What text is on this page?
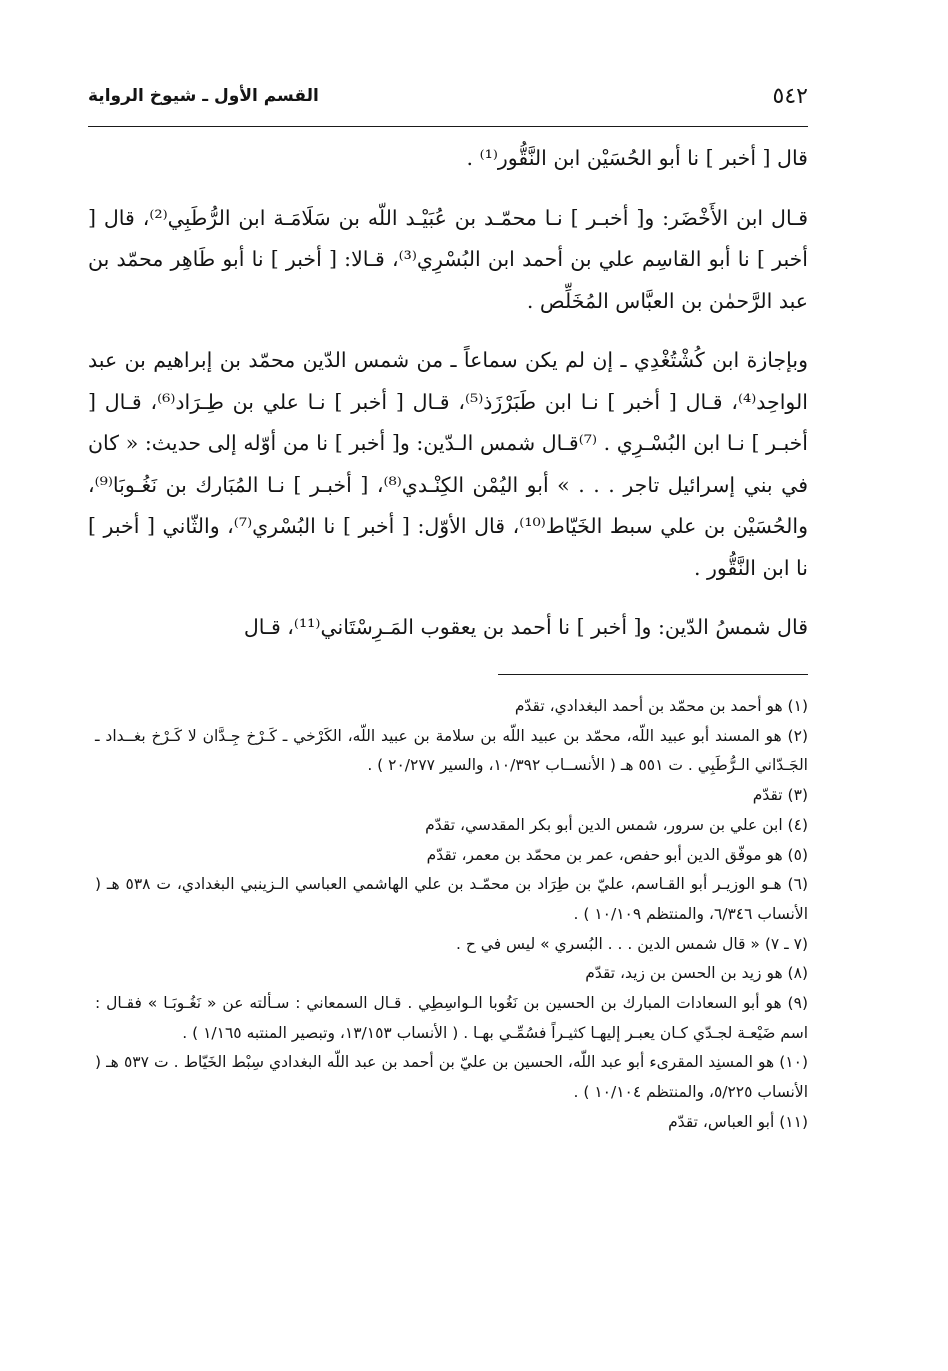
٥٤٢
القسم الأول ـ شيوخ الرواية

قال [ أخبر ] نا أبو الحُسَيْن ابن النَّقُّور⁽¹⁾ .

قـال ابن الأَخْضَر: و[ أخبـر ] نـا محمّـد بن عُبَيْـد اللّه بن سَلَامَـة ابن الرُّطَبِي⁽²⁾، قال [ أخبر ] نا أبو القاسِم علي بن أحمد ابن البُسْرِي⁽³⁾، قـالا: [ أخبر ] نا أبو طَاهِر محمّد بن عبد الرَّحمٰن بن العبَّاس المُخَلِّص .

وبإجازة ابن كُشْتُغْدِي ـ إن لم يكن سماعاً ـ من شمس الدّين محمّد بن إبراهيم بن عبد الواحِد⁽⁴⁾، قـال [ أخبر ] نـا ابن طَبَرْزَذ⁽⁵⁾، قـال [ أخبر ] نـا علي بن طِـرَاد⁽⁶⁾، قـال [ أخبـر ] نـا ابن البُسْـرِي . ⁽⁷⁾قـال شمس الـدّين: و[ أخبر ] نا من أوّله إلى حديث: « كان في بني إسرائيل تاجر . . . » أبو اليُمْن الكِنْـدي⁽⁸⁾، [ أخبـر ] نـا المُبَارك بن نَغُـوبَا⁽⁹⁾، والحُسَيْن بن علي سبط الخَيّاط⁽¹⁰⁾، قال الأوّل: [ أخبر ] نا البُسْري⁽⁷⁾، والثّاني [ أخبر ] نا ابن النَّقُّور .

قال شمسُ الدّين: و[ أخبر ] نا أحمد بن يعقوب المَـرِسْتَاني⁽¹¹⁾، قـال

(١) هو أحمد بن محمّد بن أحمد البغدادي، تقدّم
(٢) هو المسند أبو عبيد اللّه، محمّد بن عبيد اللّه بن سلامة بن عبيد اللّه، الكَرْخي ـ كَـرْخ جِـدَّان لا كَـرْخ بغــداد ـ الجَـدّاني الـرُّطَبِي . ت ٥٥١ هـ ( الأنســاب ١٠/٣٩٢، والسير ٢٠/٢٧٧ ) .
(٣) تقدّم
(٤) ابن علي بن سرور، شمس الدين أبو بكر المقدسي، تقدّم
(٥) هو موفّق الدين أبو حفص، عمر بن محمّد بن معمر، تقدّم
(٦) هـو الوزيـر أبو القـاسم، عليّ بن طِرَاد بن محمّـد بن علي الهاشمي العباسي الـزينبي البغدادي، ت ٥٣٨ هـ ( الأنساب ٦/٣٤٦، والمنتظم ١٠/١٠٩ ) .
(٧ ـ ٧) « قال شمس الدين . . . البُسري » ليس في ح .
(٨) هو زيد بن الحسن بن زيد، تقدّم
(٩) هو أبو السعادات المبارك بن الحسين بن نَغُوبا الـواسِطِي . قـال السمعاني : سـألته عن « نَغُـوبَـا » فقـال : اسم ضَيْعـة لجـدّي كـان يعبـر إليهـا كثيـراً فسُمِّـي بهـا . ( الأنساب ١٣/١٥٣، وتبصير المنتبه ١/١٦٥ ) .
(١٠) هو المسنِد المقرىء أبو عبد اللّه، الحسين بن عليّ بن أحمد بن عبد اللّه البغدادي سِبْط الخَيّاط . ت ٥٣٧ هـ ( الأنساب ٥/٢٢٥، والمنتظم ١٠/١٠٤ ) .
(١١) أبو العباس، تقدّم
